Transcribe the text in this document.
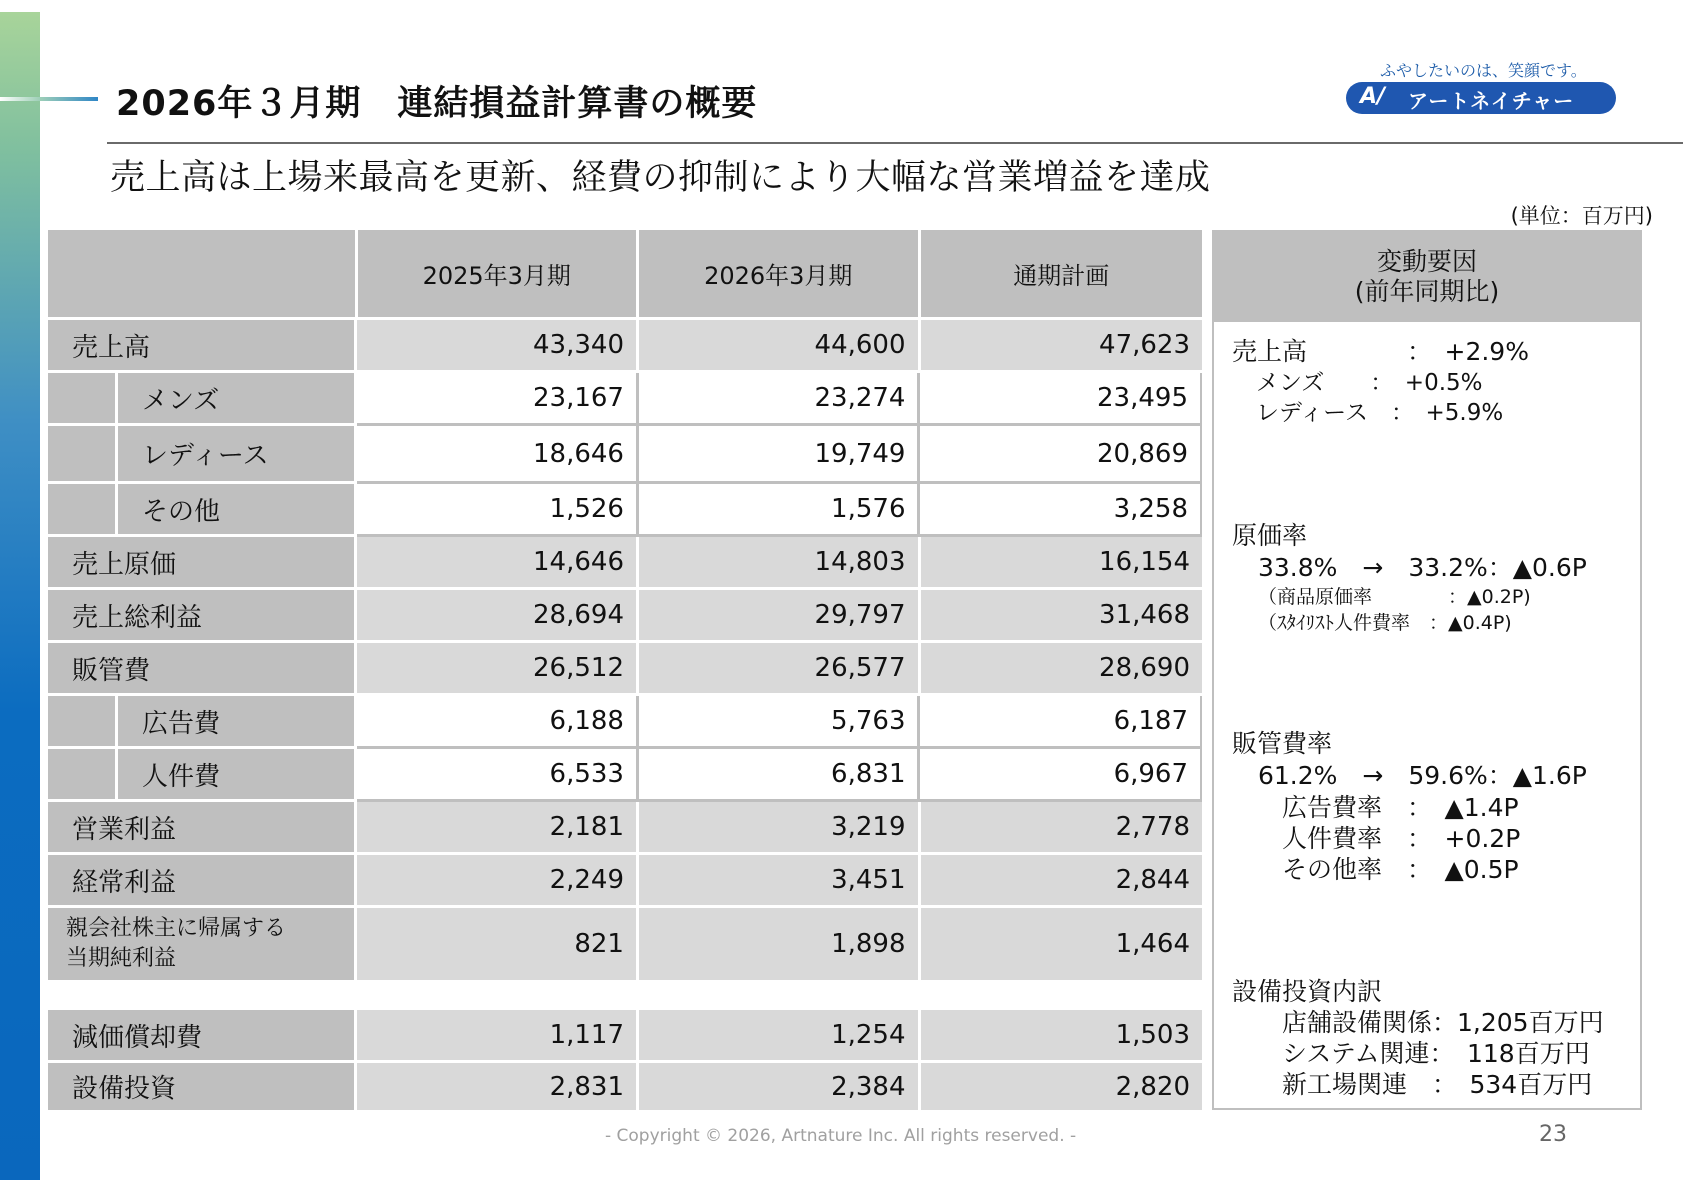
2026年３月期　連結損益計算書の概要
売上高は上場来最高を更新、経費の抑制により大幅な営業増益を達成
(単位：百万円)
ふやしたいのは、笑顔です。
A/ アートネイチャー
2025年3月期	2026年3月期	通期計画
売上高	43,340	44,600	47,623
メンズ	23,167	23,274	23,495
レディース	18,646	19,749	20,869
その他	1,526	1,576	3,258
売上原価	14,646	14,803	16,154
売上総利益	28,694	29,797	31,468
販管費	26,512	26,577	28,690
広告費	6,188	5,763	6,187
人件費	6,533	6,831	6,967
営業利益	2,181	3,219	2,778
経常利益	2,249	3,451	2,844
親会社株主に帰属する
当期純利益	821	1,898	1,464
減価償却費	1,117	1,254	1,503
設備投資	2,831	2,384	2,820
変動要因
(前年同期比)
売上高　　　　：　+2.9%
メンズ　　：　+0.5%
レディース　：　+5.9%
原価率
33.8%　→　33.2%：▲0.6P
（商品原価率　　　　：▲0.2P)
（ｽﾀｲﾘｽﾄ人件費率　：▲0.4P)
販管費率
61.2%　→　59.6%：▲1.6P
広告費率　：　▲1.4P
人件費率　：　+0.2P
その他率　：　▲0.5P
設備投資内訳
店舗設備関係：1,205百万円
システム関連：　118百万円
新工場関連　：　534百万円
- Copyright © 2026, Artnature Inc. All rights reserved. -	23
